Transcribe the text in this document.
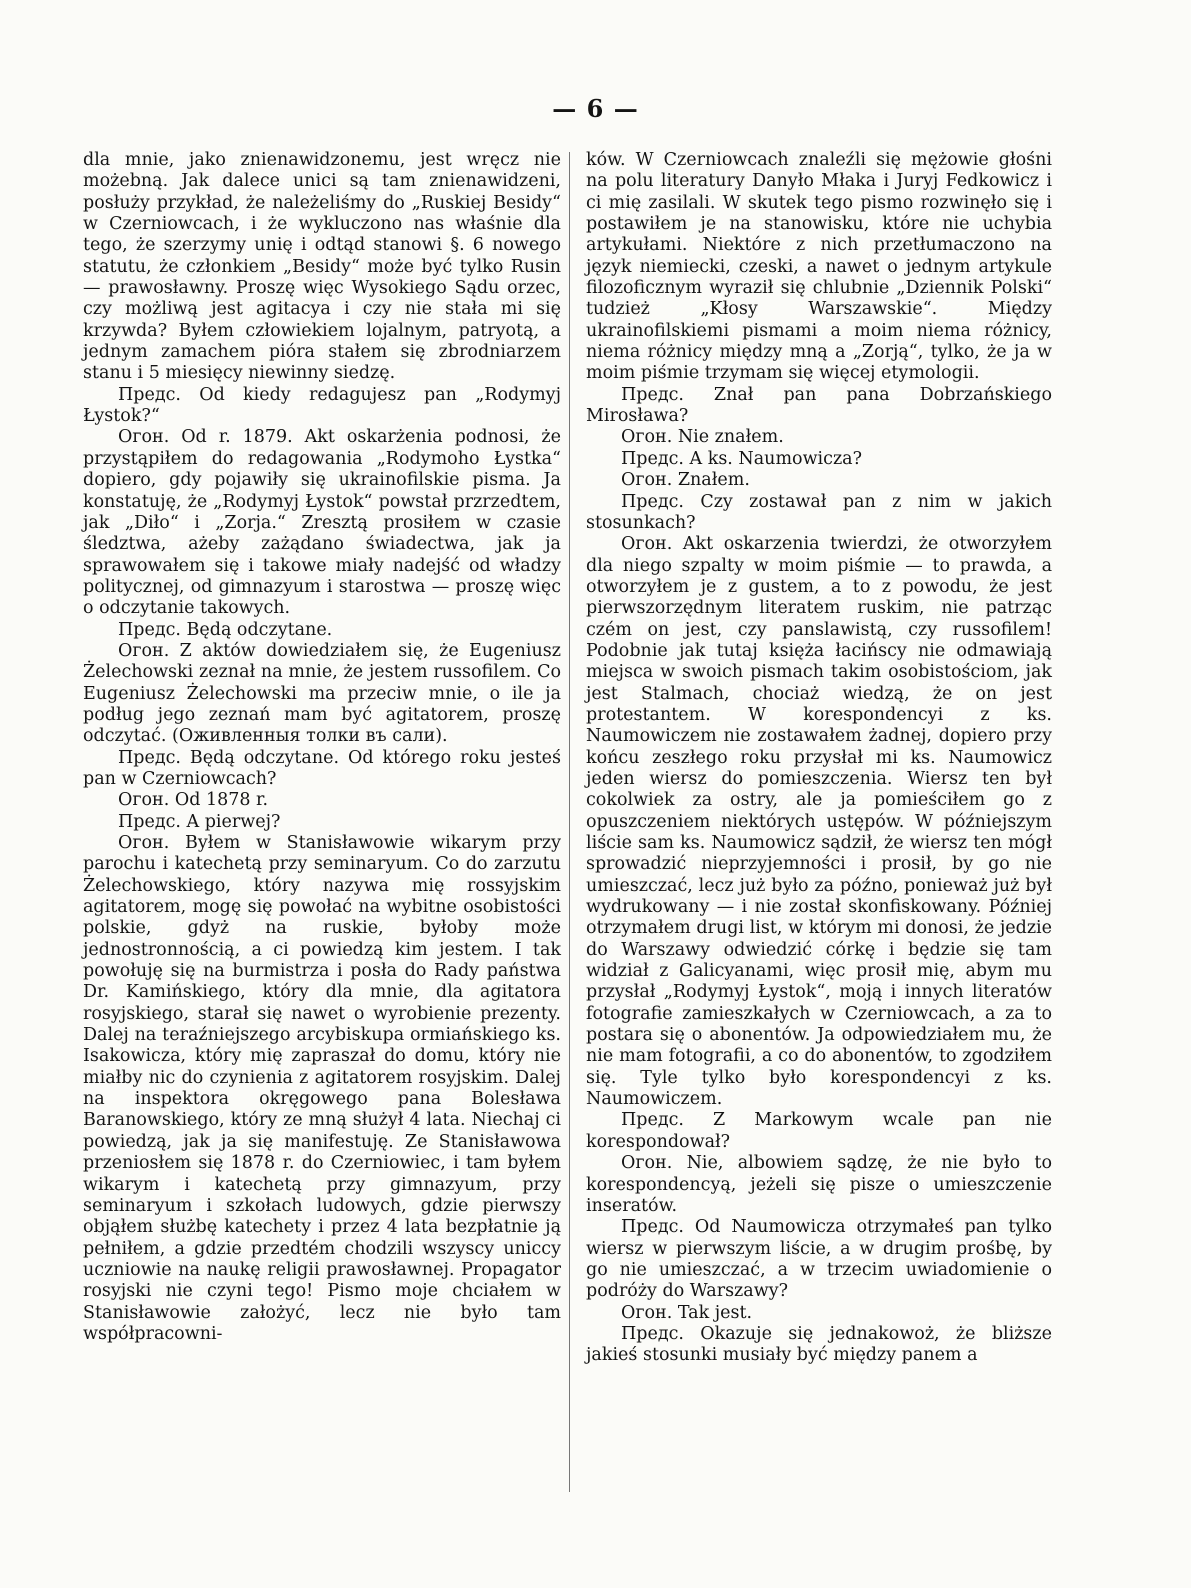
— 6 —

dla mnie, jako znienawidzonemu, jest wręcz nie możebną. Jak dalece unici są tam znienawidzeni, posłuży przykład, że należeliśmy do „Ruskiej Besidy“ w Czerniowcach, i że wykluczono nas właśnie dla tego, że szerzymy unię i odtąd stanowi §. 6 nowego statutu, że członkiem „Besidy“ może być tylko Rusin — prawosławny. Proszę więc Wysokiego Sądu orzec, czy możliwą jest agitacya i czy nie stała mi się krzywda? Byłem człowiekiem lojalnym, patryotą, a jednym zamachem pióra stałem się zbrodniarzem stanu i 5 miesięcy niewinny siedzę.

Предс. Od kiedy redagujesz pan „Rodymyj Łystok?“

Огон. Od r. 1879. Akt oskarżenia podnosi, że przystąpiłem do redagowania „Rodymoho Łystka“ dopiero, gdy pojawiły się ukrainofilskie pisma. Ja konstatuję, że „Rodymyj Łystok“ powstał przrzedtem, jak „Diło“ i „Zorja.“ Zresztą prosiłem w czasie śledztwa, ażeby zażądano świadectwa, jak ja sprawowałem się i takowe miały nadejść od władzy politycznej, od gimnazyum i starostwa — proszę więc o odczytanie takowych.

Предс. Będą odczytane.

Огон. Z aktów dowiedziałem się, że Eugeniusz Żelechowski zeznał na mnie, że jestem russofilem. Co Eugeniusz Żelechowski ma przeciw mnie, o ile ja podług jego zeznań mam być agitatorem, proszę odczytać. (Оживленныя толки въ сали).

Предс. Będą odczytane. Od którego roku jesteś pan w Czerniowcach?

Огон. Od 1878 r.

Предс. A pierwej?

Огон. Byłem w Stanisławowie wikarym przy parochu i katechetą przy seminaryum. Co do zarzutu Żelechowskiego, który nazywa mię rossyjskim agitatorem, mogę się powołać na wybitne osobistości polskie, gdyż na ruskie, byłoby może jednostronnością, a ci powiedzą kim jestem. I tak powołuję się na burmistrza i posła do Rady państwa Dr. Kamińskiego, który dla mnie, dla agitatora rosyjskiego, starał się nawet o wyrobienie prezenty. Dalej na teraźniejszego arcybiskupa ormiańskiego ks. Isakowicza, który mię zapraszał do domu, który nie miałby nic do czynienia z agitatorem rosyjskim. Dalej na inspektora okręgowego pana Bolesława Baranowskiego, który ze mną służył 4 lata. Niechaj ci powiedzą, jak ja się manifestuję. Ze Stanisławowa przeniosłem się 1878 r. do Czerniowiec, i tam byłem wikarym i katechetą przy gimnazyum, przy seminaryum i szkołach ludowych, gdzie pierwszy objąłem służbę katechety i przez 4 lata bezpłatnie ją pełniłem, a gdzie przedtém chodzili wszyscy uniccy uczniowie na naukę religii prawosławnej. Propagator rosyjski nie czyni tego! Pismo moje chciałem w Stanisławowie założyć, lecz nie było tam współpracowni-

ków. W Czerniowcach znaleźli się mężowie głośni na polu literatury Danyło Młaka i Juryj Fedkowicz i ci mię zasilali. W skutek tego pismo rozwinęło się i postawiłem je na stanowisku, które nie uchybia artykułami. Niektóre z nich przetłumaczono na język niemiecki, czeski, a nawet o jednym artykule filozoficznym wyraził się chlubnie „Dziennik Polski“ tudzież „Kłosy Warszawskie“. Między ukrainofilskiemi pismami a moim niema różnicy, niema różnicy między mną a „Zorją“, tylko, że ja w moim piśmie trzymam się więcej etymologii.

Предс. Znał pan pana Dobrzańskiego Mirosława?

Огон. Nie znałem.

Предс. A ks. Naumowicza?

Огон. Znałem.

Предс. Czy zostawał pan z nim w jakich stosunkach?

Огон. Akt oskarzenia twierdzi, że otworzyłem dla niego szpalty w moim piśmie — to prawda, a otworzyłem je z gustem, a to z powodu, że jest pierwszorzędnym literatem ruskim, nie patrząc czém on jest, czy panslawistą, czy russofilem! Podobnie jak tutaj księża łacińscy nie odmawiają miejsca w swoich pismach takim osobistościom, jak jest Stalmach, chociaż wiedzą, że on jest protestantem. W korespondencyi z ks. Naumowiczem nie zostawałem żadnej, dopiero przy końcu zeszłego roku przysłał mi ks. Naumowicz jeden wiersz do pomieszczenia. Wiersz ten był cokolwiek za ostry, ale ja pomieściłem go z opuszczeniem niektórych ustępów. W późniejszym liście sam ks. Naumowicz sądził, że wiersz ten mógł sprowadzić nieprzyjemności i prosił, by go nie umieszczać, lecz już było za późno, ponieważ już był wydrukowany — i nie został skonfiskowany. Później otrzymałem drugi list, w którym mi donosi, że jedzie do Warszawy odwiedzić córkę i będzie się tam widział z Galicyanami, więc prosił mię, abym mu przysłał „Rodymyj Łystok“, moją i innych literatów fotografie zamieszkałych w Czerniowcach, a za to postara się o abonentów. Ja odpowiedziałem mu, że nie mam fotografii, a co do abonentów, to zgodziłem się. Tyle tylko było korespondencyi z ks. Naumowiczem.

Предс. Z Markowym wcale pan nie korespondował?

Огон. Nie, albowiem sądzę, że nie było to korespondencyą, jeżeli się pisze o umieszczenie inseratów.

Предс. Od Naumowicza otrzymałeś pan tylko wiersz w pierwszym liście, a w drugim prośbę, by go nie umieszczać, a w trzecim uwiadomienie o podróży do Warszawy?

Огон. Tak jest.

Предс. Okazuje się jednakowoż, że bliższe jakieś stosunki musiały być między panem a
